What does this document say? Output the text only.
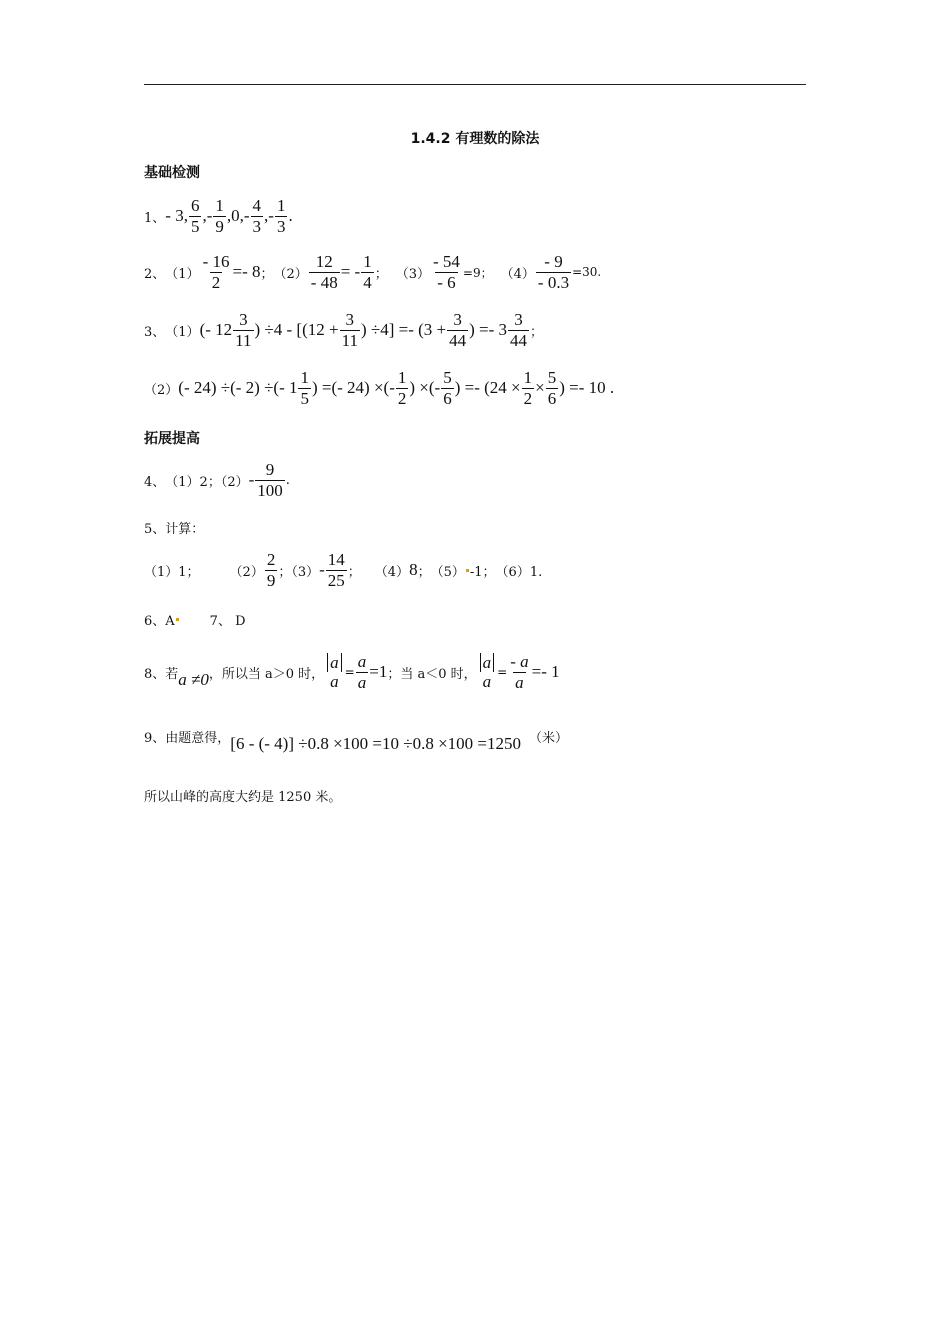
1.4.2 有理数的除法
基础检测
1、 - 3, $\frac{6}{5}$ ,- $\frac{1}{9} ,0,- \frac{4}{3}$ ,- $\frac{1}{3}$ .
2、 $(1) \frac{- 16}{2} =- 8$ ； $(2) \frac{12}{- 48}$ = - $\frac{1}{4}$ ； $(3) \frac{- 54}{- 6} =9$； $(4) \frac{- 9}{- 0.3} =30$.
3、 （1） (- $12 \frac{3}{11}$ ) $\div 4 - [(12 + \frac{3}{11}$ ) $\div 4] =- (3 + \frac{3}{44}$ ) =- $3 \frac{3}{44}$ ；
（2） (- 24) ÷(- 2) ÷(- $1 \frac{1}{5}$ ) =(- 24) ×(- $\frac{1}{2}$ ) ×(- $\frac{5}{6}$ ) =- ($24 \times \frac{1}{2} \times \frac{5}{6}$ ) =- 10 .
拓展提高
4、 （1）2；$(2) - \frac{9}{100}$ .
5、计算：
（1）1； $(2) \frac{2}{9}$ ；$(3) - \frac{14}{25}$ ； （4） 8 ； （5） -1； （6）1.
6、A	7、 D
8、若 a ≠0 ，所以当 a＞0 时，
a
$a = \frac{a}{a} =1$ ；当 a＜0 时，
a
$a = \frac{- a}{a} =- 1$
9、由题意得， [6 - (- 4)] ÷0.8 ×100 =10 ÷0.8 ×100 =1250 （米）
所以山峰的高度大约是 1250 米。
